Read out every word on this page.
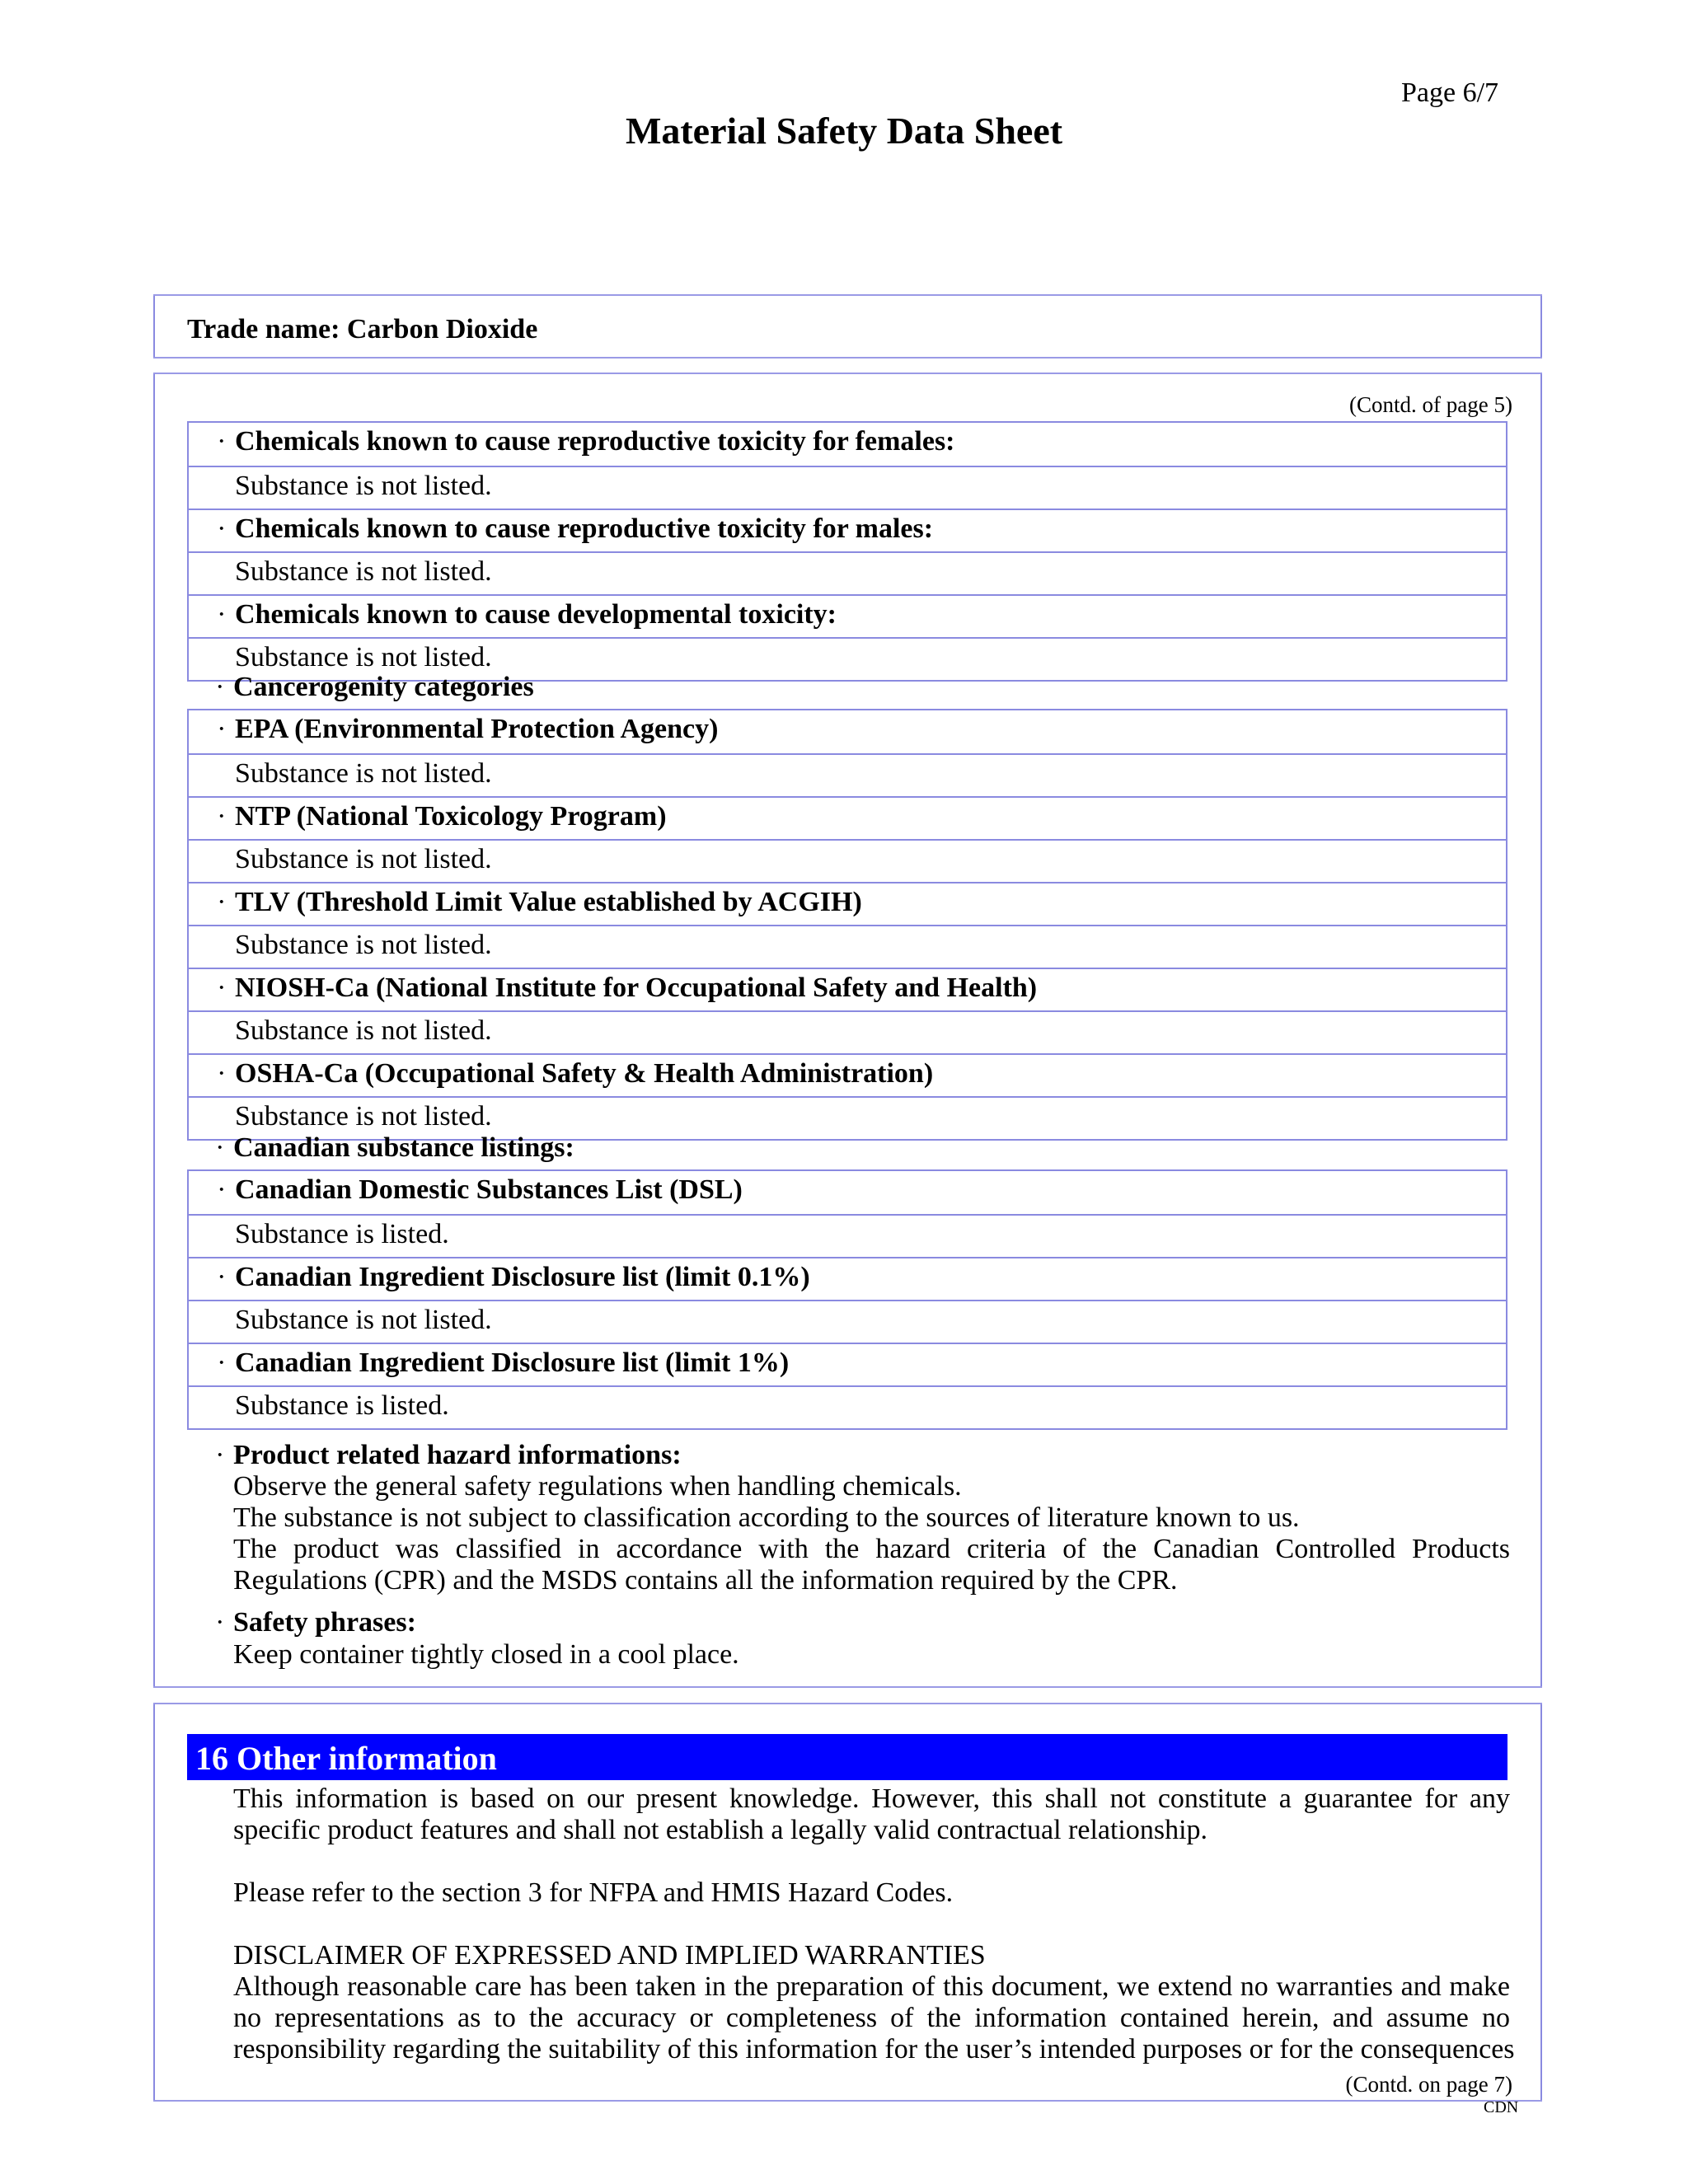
Page 6/7
Material Safety Data Sheet
Trade name: Carbon Dioxide
(Contd. of page 5)
· Chemicals known to cause reproductive toxicity for females:
Substance is not listed.
· Chemicals known to cause reproductive toxicity for males:
Substance is not listed.
· Chemicals known to cause developmental toxicity:
Substance is not listed.
· Cancerogenity categories
· EPA (Environmental Protection Agency)
Substance is not listed.
· NTP (National Toxicology Program)
Substance is not listed.
· TLV (Threshold Limit Value established by ACGIH)
Substance is not listed.
· NIOSH-Ca (National Institute for Occupational Safety and Health)
Substance is not listed.
· OSHA-Ca (Occupational Safety & Health Administration)
Substance is not listed.
· Canadian substance listings:
· Canadian Domestic Substances List (DSL)
Substance is listed.
· Canadian Ingredient Disclosure list (limit 0.1%)
Substance is not listed.
· Canadian Ingredient Disclosure list (limit 1%)
Substance is listed.
· Product related hazard informations:
Observe the general safety regulations when handling chemicals.
The substance is not subject to classification according to the sources of literature known to us.
The product was classified in accordance with the hazard criteria of the Canadian Controlled Products
Regulations (CPR) and the MSDS contains all the information required by the CPR.
· Safety phrases:
Keep container tightly closed in a cool place.
16 Other information
This information is based on our present knowledge. However, this shall not constitute a guarantee for any
specific product features and shall not establish a legally valid contractual relationship.
Please refer to the section 3 for NFPA and HMIS Hazard Codes.
DISCLAIMER OF EXPRESSED AND IMPLIED WARRANTIES
Although reasonable care has been taken in the preparation of this document, we extend no warranties and make
no representations as to the accuracy or completeness of the information contained herein, and assume no
responsibility regarding the suitability of this information for the user’s intended purposes or for the consequences
(Contd. on page 7)
CDN
